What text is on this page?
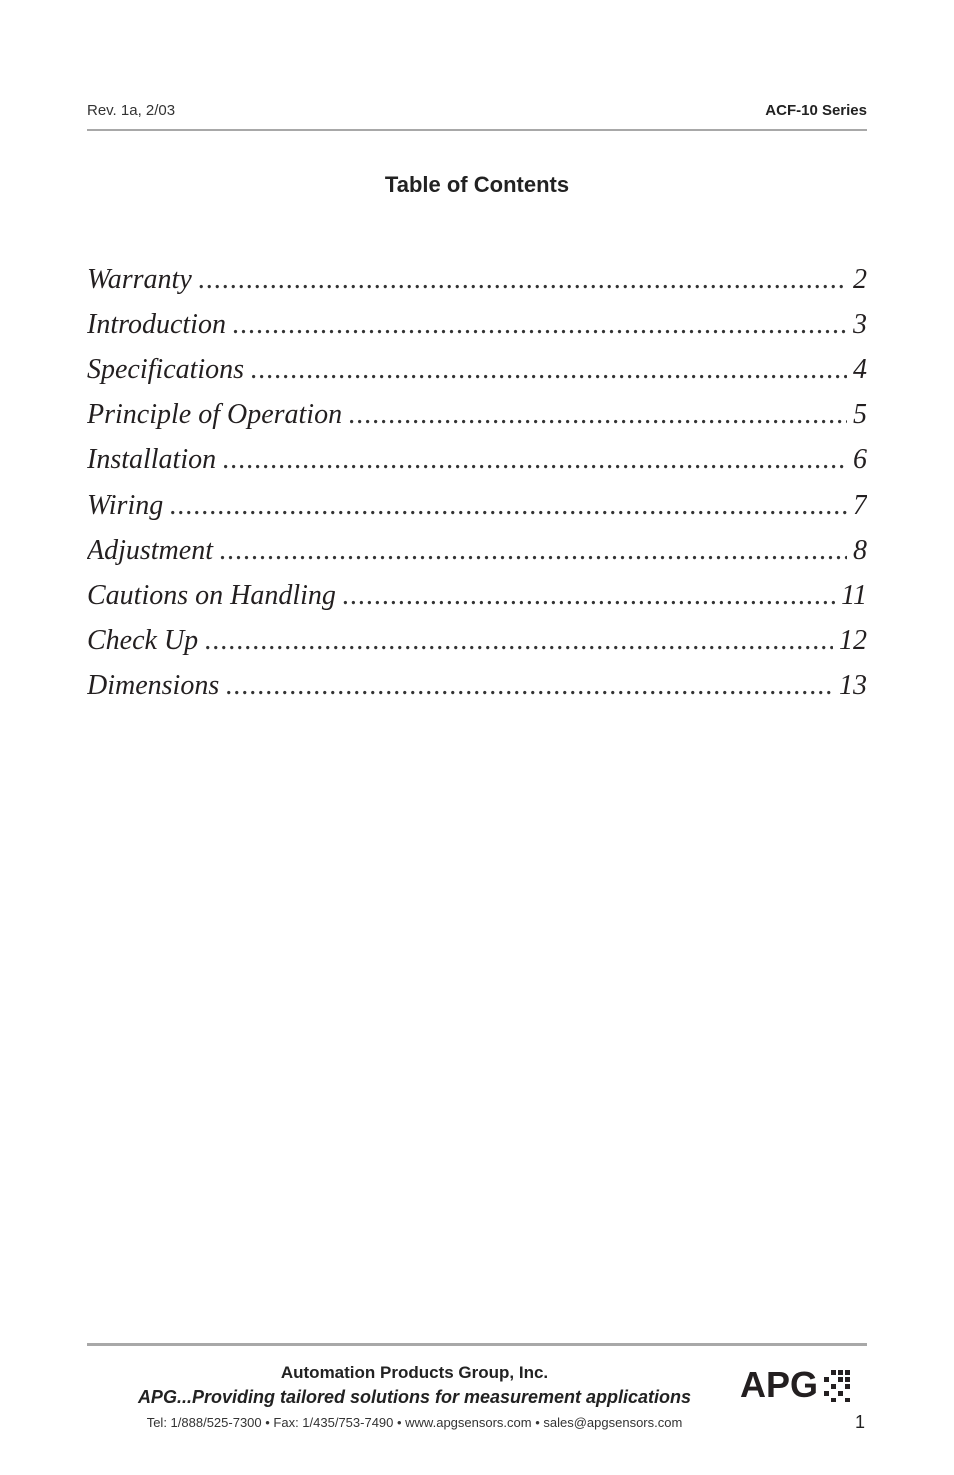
Rev. 1a, 2/03	ACF-10 Series
Table of Contents
Warranty .....	2
Introduction .....	3
Specifications .....	4
Principle of Operation .....	5
Installation .....	6
Wiring .....	7
Adjustment .....	8
Cautions on Handling .....	11
Check Up .....	12
Dimensions .....	13
Automation Products Group, Inc.
APG...Providing tailored solutions for measurement applications
Tel: 1/888/525-7300 • Fax: 1/435/753-7490 • www.apgsensors.com • sales@apgsensors.com
APG
1
